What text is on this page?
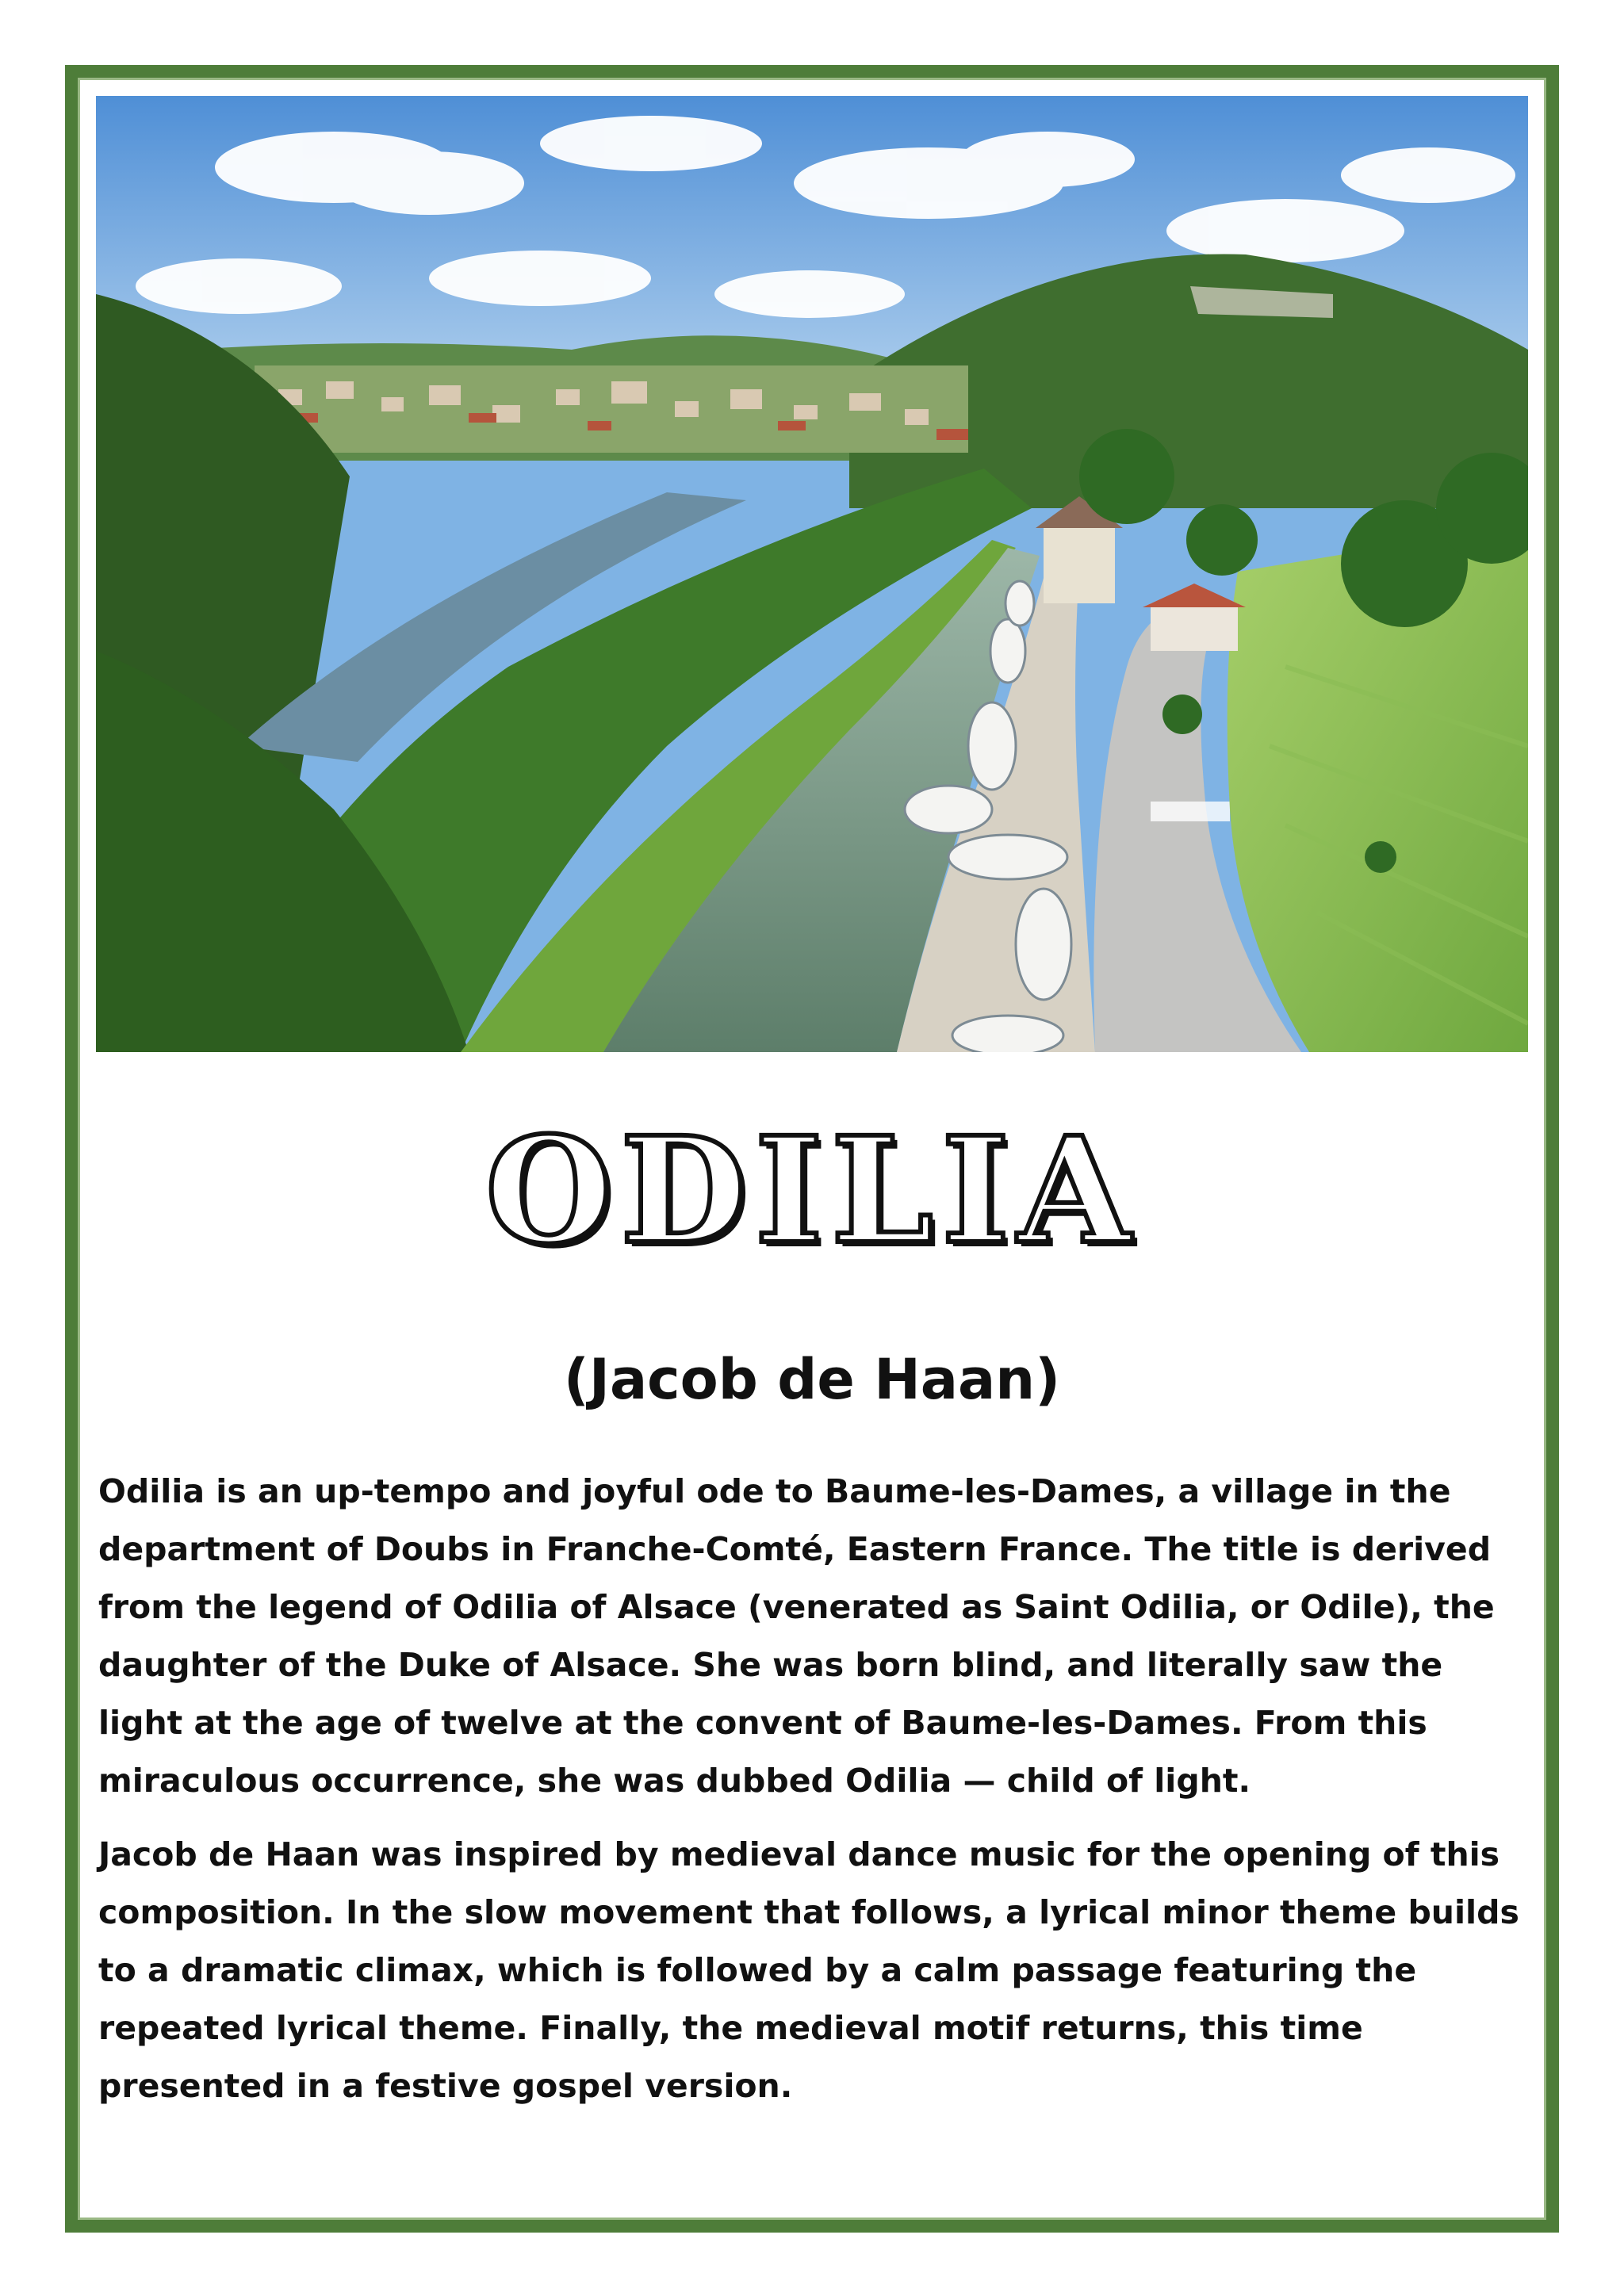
ODILIA
(Jacob de Haan)

Odilia is an up-tempo and joyful ode to Baume-les-Dames, a village in the department of Doubs in Franche-Comté, Eastern France. The title is derived from the legend of Odilia of Alsace (venerated as Saint Odilia, or Odile), the daughter of the Duke of Alsace. She was born blind, and literally saw the light at the age of twelve at the convent of Baume-les-Dames. From this miraculous occurrence, she was dubbed Odilia — child of light.

Jacob de Haan was inspired by medieval dance music for the opening of this composition. In the slow movement that follows, a lyrical minor theme builds to a dramatic climax, which is followed by a calm passage featuring the repeated lyrical theme. Finally, the medieval motif returns, this time presented in a festive gospel version.
